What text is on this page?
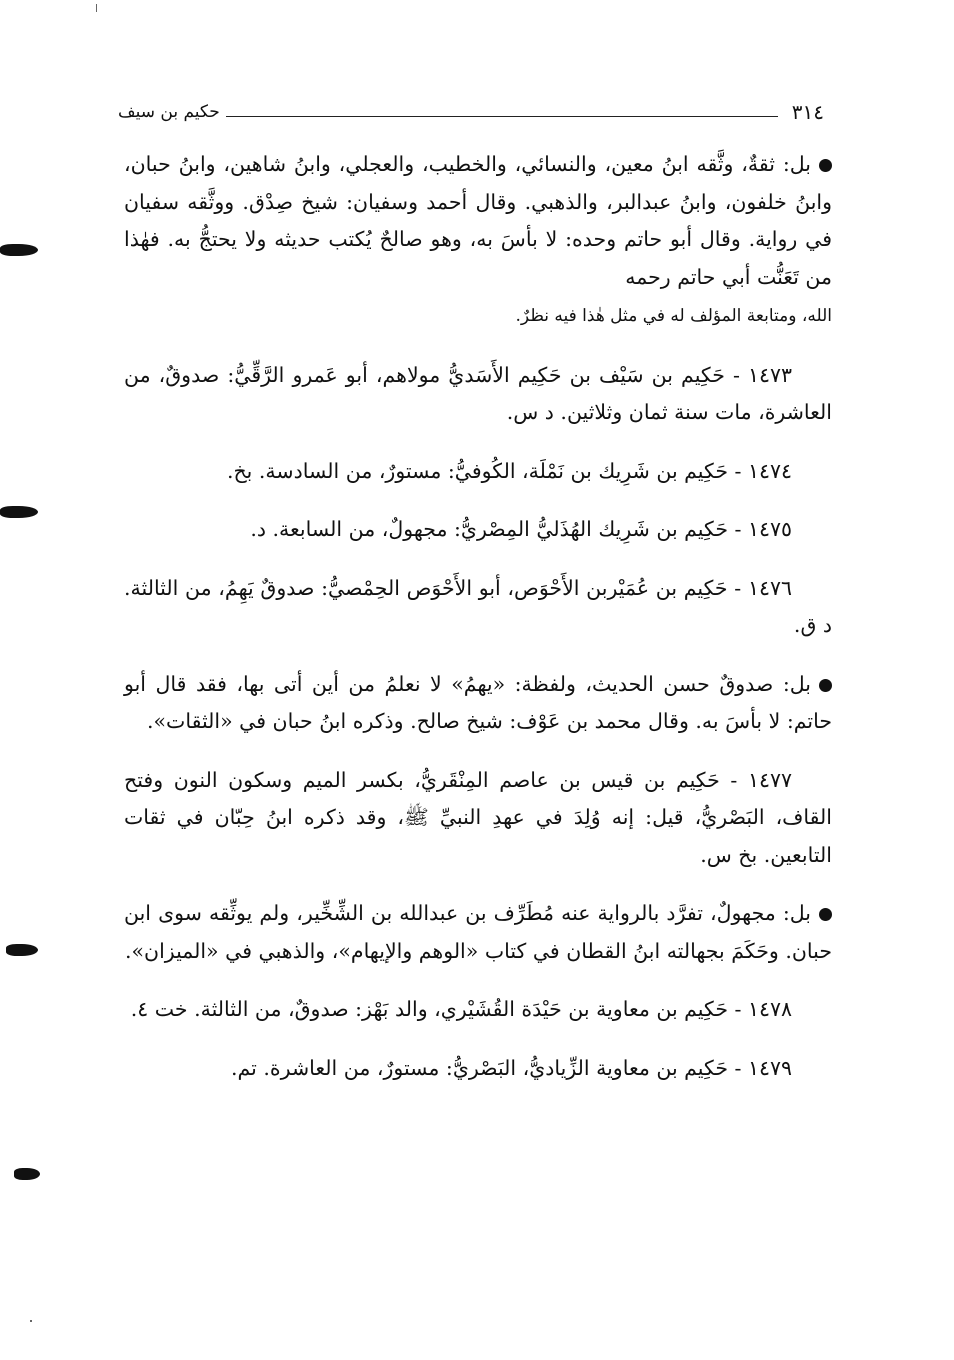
٣١٤
حكيم بن سيف

بل: ثقةٌ، وثَّقه ابنُ معين، والنسائي، والخطيب، والعجلي، وابنُ شاهين، وابنُ حبان، وابنُ خلفون، وابنُ عبدالبر، والذهبي. وقال أحمد وسفيان: شيخ صِدْق. ووثَّقه سفيان في رواية. وقال أبو حاتم وحده: لا بأسَ به، وهو صالحٌ يُكتب حديثه ولا يحتجُّ به. فهٰذا من تَعَنُّت أبي حاتم رحمه
الله، ومتابعة المؤلف له في مثل هٰذا فيه نظرٌ.

١٤٧٣ - حَكِيم بن سَيْف بن حَكِيم الأَسَديُّ مولاهم، أبو عَمرو الرَّقِّيُّ: صدوقٌ، من العاشرة، مات سنة ثمان وثلاثين. د س.

١٤٧٤ - حَكِيم بن شَرِيك بن نَمْلَة، الكُوفيُّ: مستورٌ، من السادسة. بخ.

١٤٧٥ - حَكِيم بن شَرِيك الهُذَليُّ المِصْريُّ: مجهولٌ، من السابعة. د.

١٤٧٦ - حَكِيم بن عُمَيْربن الأَحْوَص، أبو الأَحْوَص الحِمْصيُّ: صدوقٌ يَهِمُ، من الثالثة. د ق.

بل: صدوقٌ حسن الحديث، ولفظة: «يهمُ» لا نعلمُ من أين أتى بها، فقد قال أبو حاتم: لا بأسَ به. وقال محمد بن عَوْف: شيخ صالح. وذكره ابنُ حبان في «الثقات».

١٤٧٧ - حَكِيم بن قيس بن عاصم المِنْقَريُّ، بكسر الميم وسكون النون وفتح القاف، البَصْريُّ، قيل: إنه وُلِدَ في عهدِ النبيِّ ﷺ، وقد ذكره ابنُ حِبّان في ثقات التابعين. بخ س.

بل: مجهولٌ، تفرَّد بالرواية عنه مُطَرِّف بن عبدالله بن الشِّخِّير، ولم يوثِّقه سوى ابن حبان. وحَكَمَ بجهالته ابنُ القطان في كتاب «الوهم والإيهام»، والذهبي في «الميزان».

١٤٧٨ - حَكِيم بن معاوية بن حَيْدَة القُشَيْري، والد بَهْز: صدوقٌ، من الثالثة. خت ٤.

١٤٧٩ - حَكِيم بن معاوية الزِّياديُّ، البَصْريُّ: مستورٌ، من العاشرة. تم.
